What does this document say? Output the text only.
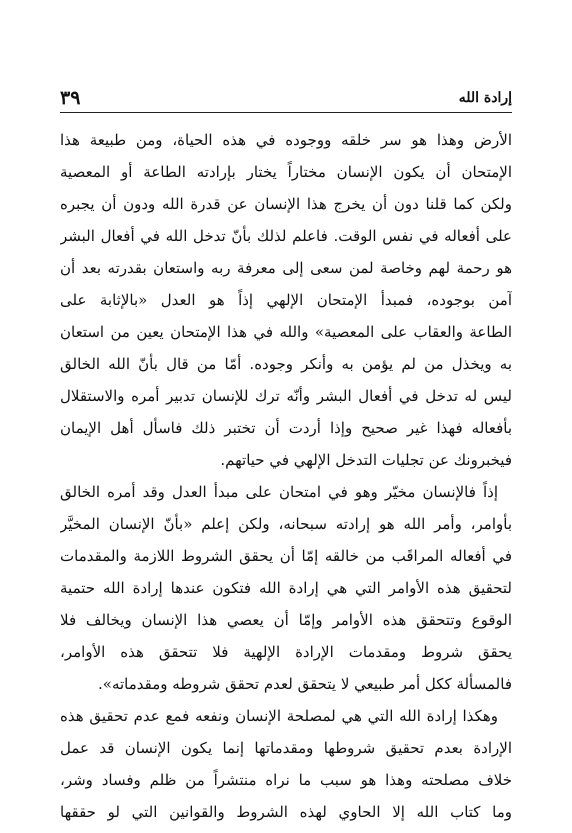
٣٩	إرادة الله
الأرض وهذا هو سر خلقه ووجوده في هذه الحياة، ومن طبيعة هذا
الإمتحان أن يكون الإنسان مختاراً يختار بإرادته الطاعة أو المعصية
ولكن كما قلنا دون أن يخرج هذا الإنسان عن قدرة الله ودون أن يجبره
على أفعاله في نفس الوقت. فاعلم لذلك بأنّ تدخل الله في أفعال البشر
هو رحمة لهم وخاصة لمن سعى إلى معرفة ربه واستعان بقدرته بعد أن
آمن بوجوده، فمبدأ الإمتحان الإلهي إذاً هو العدل «بالإثابة على
الطاعة والعقاب على المعصية» والله في هذا الإمتحان يعين من استعان
به ويخذل من لم يؤمن به وأنكر وجوده. أمّا من قال بأنّ الله الخالق
ليس له تدخل في أفعال البشر وأنّه ترك للإنسان تدبير أمره والاستقلال
بأفعاله فهذا غير صحيح وإذا أردت أن تختبر ذلك فاسأل أهل الإيمان
فيخبرونك عن تجليات التدخل الإلهي في حياتهم.
إذاً فالإنسان مخيّر وهو في امتحان على مبدأ العدل وقد أمره الخالق
بأوامر، وأمر الله هو إرادته سبحانه، ولكن إعلم «بأنّ الإنسان المخيَّر
في أفعاله المراقَب من خالقه إمّا أن يحقق الشروط اللازمة والمقدمات
لتحقيق هذه الأوامر التي هي إرادة الله فتكون عندها إرادة الله حتمية
الوقوع وتتحقق هذه الأوامر وإمّا أن يعصي هذا الإنسان ويخالف فلا
يحقق شروط ومقدمات الإرادة الإلهية فلا تتحقق هذه الأوامر،
فالمسألة ككل أمر طبيعي لا يتحقق لعدم تحقق شروطه ومقدماته».
وهكذا إرادة الله التي هي لمصلحة الإنسان ونفعه فمع عدم تحقيق هذه
الإرادة بعدم تحقيق شروطها ومقدماتها إنما يكون الإنسان قد عمل
خلاف مصلحته وهذا هو سبب ما نراه منتشراً من ظلم وفساد وشر،
وما كتاب الله إلا الحاوي لهذه الشروط والقوانين التي لو حققها
